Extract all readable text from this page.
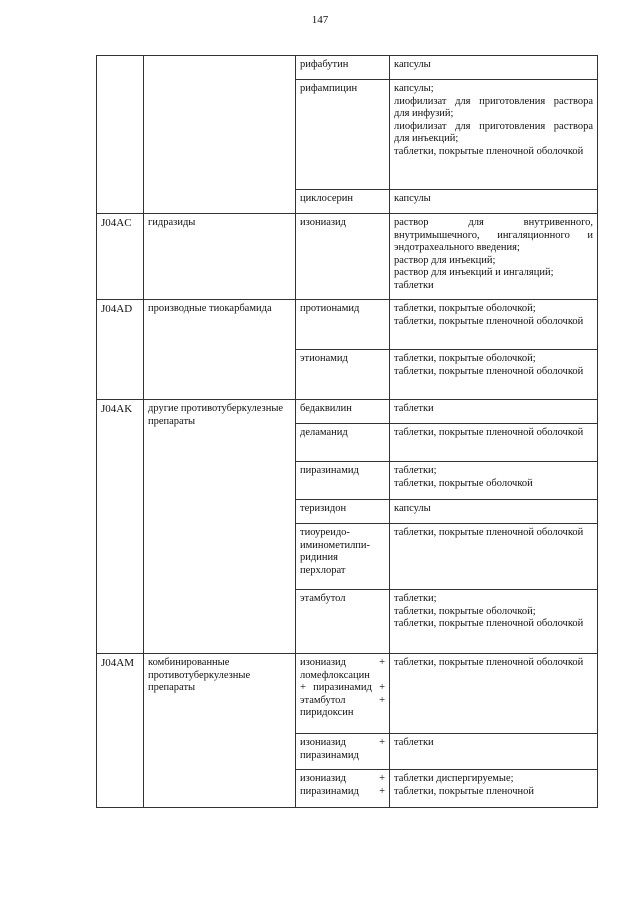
147

		рифабутин	капсулы

		рифампицин	капсулы;
лиофилизат для приготовления раствора для инфузий;
лиофилизат для приготовления раствора для инъекций;
таблетки, покрытые пленочной оболочкой

		циклосерин	капсулы

J04AC	гидразиды	изониазид	раствор для внутривенного, внутримышечного, ингаляционного и эндотрахеального введения;
раствор для инъекций;
раствор для инъекций и ингаляций;
таблетки

J04AD	производные тиокарбамида	протионамид	таблетки, покрытые оболочкой;
таблетки, покрытые пленочной оболочкой

		этионамид	таблетки, покрытые оболочкой;
таблетки, покрытые пленочной оболочкой

J04AK	другие противотуберкулезные препараты	бедаквилин	таблетки

		деламанид	таблетки, покрытые пленочной оболочкой

		пиразинамид	таблетки;
таблетки, покрытые оболочкой

		теризидон	капсулы

		тиоуреидо-
иминометилпи-
ридиния
перхлорат	таблетки, покрытые пленочной оболочкой

		этамбутол	таблетки;
таблетки, покрытые оболочкой;
таблетки, покрытые пленочной оболочкой

J04AM	комбинированные противотуберкулезные препараты	изониазид +
ломефлоксацин
+ пиразинамид +
этамбутол +
пиридоксин	таблетки, покрытые пленочной оболочкой

		изониазид +
пиразинамид	таблетки

		изониазид +
пиразинамид +	таблетки диспергируемые;
таблетки, покрытые пленочной
